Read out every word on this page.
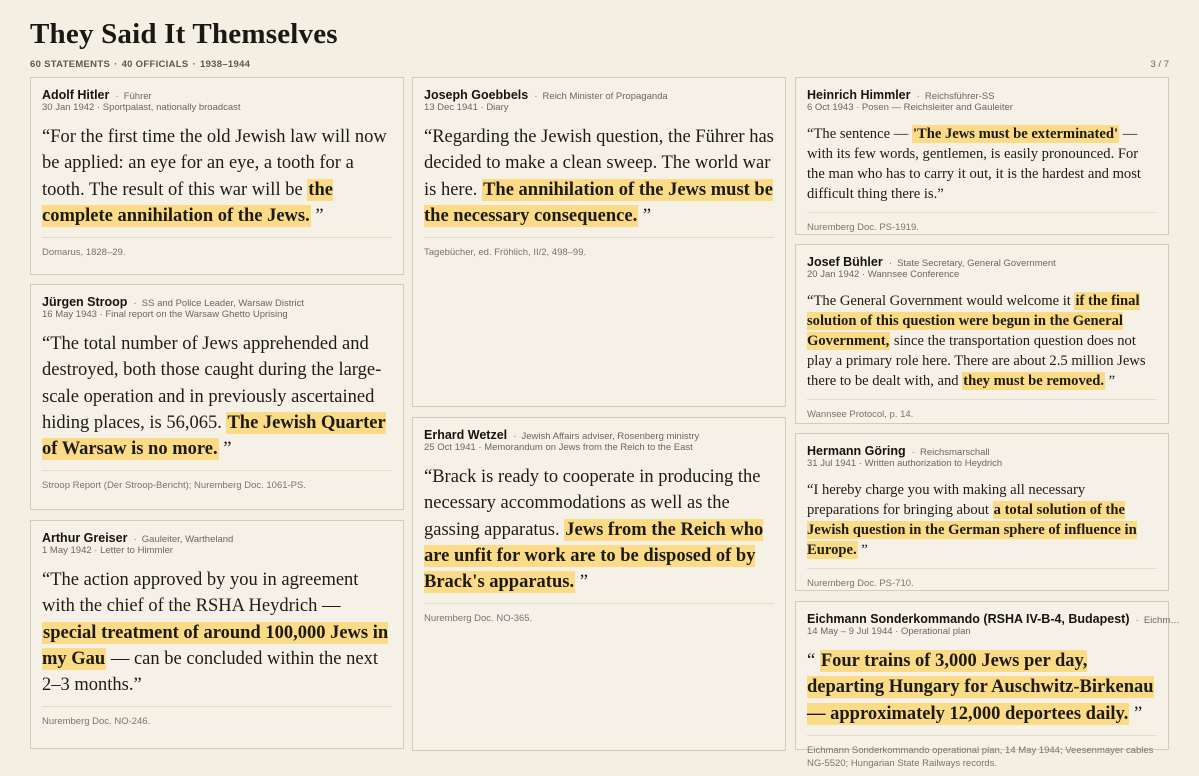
They Said It Themselves
60 STATEMENTS · 40 OFFICIALS · 1938–1944	3 / 7
Adolf Hitler · Führer
30 Jan 1942 · Sportpalast, nationally broadcast
“For the first time the old Jewish law will now be applied: an eye for an eye, a tooth for a tooth. The result of this war will be the complete annihilation of the Jews. ”
Domarus, 1828–29.
Jürgen Stroop · SS and Police Leader, Warsaw District
16 May 1943 · Final report on the Warsaw Ghetto Uprising
“The total number of Jews apprehended and destroyed, both those caught during the large-scale operation and in previously ascertained hiding places, is 56,065. The Jewish Quarter of Warsaw is no more. ”
Stroop Report (Der Stroop-Bericht); Nuremberg Doc. 1061-PS.
Arthur Greiser · Gauleiter, Wartheland
1 May 1942 · Letter to Himmler
“The action approved by you in agreement with the chief of the RSHA Heydrich — special treatment of around 100,000 Jews in my Gau — can be concluded within the next 2–3 months.”
Nuremberg Doc. NO-246.
Joseph Goebbels · Reich Minister of Propaganda
13 Dec 1941 · Diary
“Regarding the Jewish question, the Führer has decided to make a clean sweep. The world war is here. The annihilation of the Jews must be the necessary consequence. ”
Tagebücher, ed. Fröhlich, II/2, 498–99.
Erhard Wetzel · Jewish Affairs adviser, Rosenberg ministry
25 Oct 1941 · Memorandum on Jews from the Reich to the East
“Brack is ready to cooperate in producing the necessary accommodations as well as the gassing apparatus. Jews from the Reich who are unfit for work are to be disposed of by Brack's apparatus. ”
Nuremberg Doc. NO-365.
Heinrich Himmler · Reichsführer-SS
6 Oct 1943 · Posen — Reichsleiter and Gauleiter
“The sentence — 'The Jews must be exterminated' — with its few words, gentlemen, is easily pronounced. For the man who has to carry it out, it is the hardest and most difficult thing there is.”
Nuremberg Doc. PS-1919.
Josef Bühler · State Secretary, General Government
20 Jan 1942 · Wannsee Conference
“The General Government would welcome it if the final solution of this question were begun in the General Government, since the transportation question does not play a primary role here. There are about 2.5 million Jews there to be dealt with, and they must be removed. ”
Wannsee Protocol, p. 14.
Hermann Göring · Reichsmarschall
31 Jul 1941 · Written authorization to Heydrich
“I hereby charge you with making all necessary preparations for bringing about a total solution of the Jewish question in the German sphere of influence in Europe. ”
Nuremberg Doc. PS-710.
Eichmann Sonderkommando (RSHA IV-B-4, Budapest) · Eichm…
14 May – 9 Jul 1944 · Operational plan
“ Four trains of 3,000 Jews per day, departing Hungary for Auschwitz-Birkenau — approximately 12,000 deportees daily. ”
Eichmann Sonderkommando operational plan, 14 May 1944; Veesenmayer cables NG-5520; Hungarian State Railways records.
